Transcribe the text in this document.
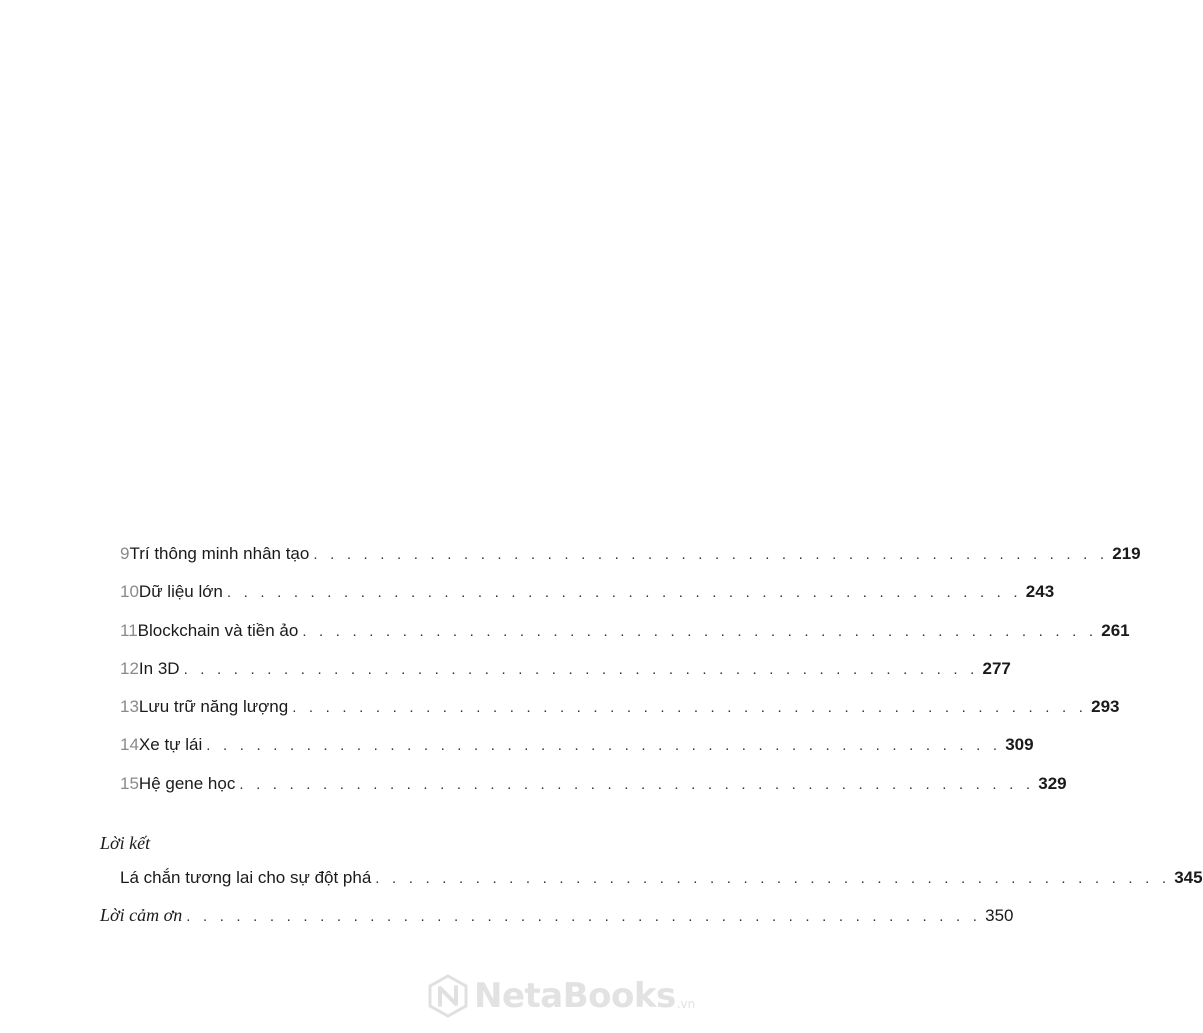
9 Trí thông minh nhân tạo . . . . . . . . . . . . . . . . . . . . . . . . . . . . . . . . . . . . . . . . . . . . . . . . 219
10 Dữ liệu lớn . . . . . . . . . . . . . . . . . . . . . . . . . . . . . . . . . . . . . . . . . . . . . . . . 243
11 Blockchain và tiền ảo . . . . . . . . . . . . . . . . . . . . . . . . . . . . . . . . . . . . . . . . . . . . . . . . 261
12 In 3D . . . . . . . . . . . . . . . . . . . . . . . . . . . . . . . . . . . . . . . . . . . . . . . . 277
13 Lưu trữ năng lượng . . . . . . . . . . . . . . . . . . . . . . . . . . . . . . . . . . . . . . . . . . . . . . . . 293
14 Xe tự lái . . . . . . . . . . . . . . . . . . . . . . . . . . . . . . . . . . . . . . . . . . . . . . . . 309
15 Hệ gene học . . . . . . . . . . . . . . . . . . . . . . . . . . . . . . . . . . . . . . . . . . . . . . . . 329
Lời kết
Lá chắn tương lai cho sự đột phá . . . . . . . . . . . . . . . . . . . . . . . . . . . . . . . . . . . . . . . . . . . . . . . . 345
Lời cảm ơn . . . . . . . . . . . . . . . . . . . . . . . . . . . . . . . . . . . . . . . . . . . . . . . . 350
NetaBooks .vn
